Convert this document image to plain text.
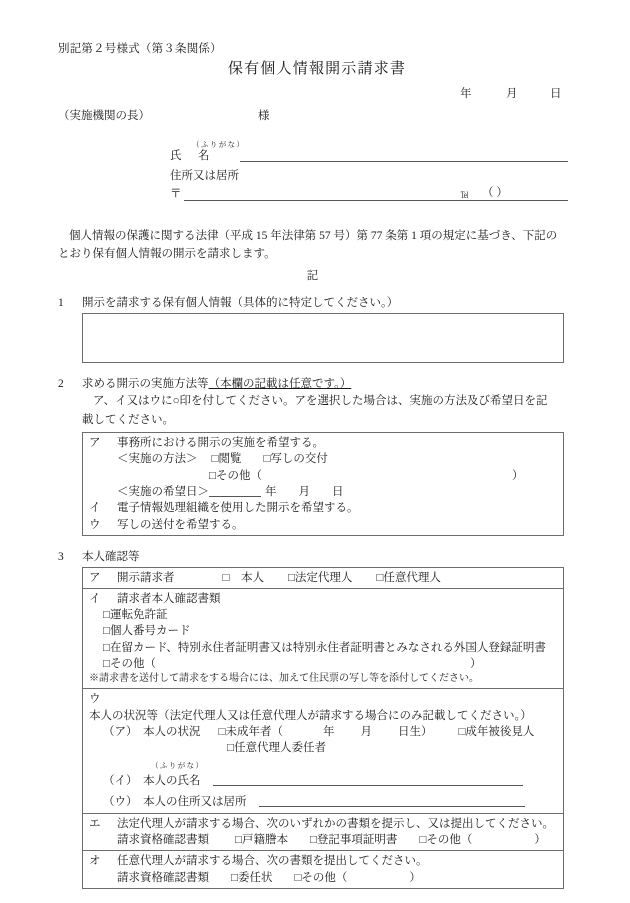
別記第２号様式（第３条関係）
保有個人情報開示請求書
年	月	日
（実施機関の長）	様
（ふりがな）
氏	名
住所又は居所
〒	Tel （ ）
個人情報の保護に関する法律（平成 15 年法律第 57 号）第 77 条第 1 項の規定に基づき、下記の
とおり保有個人情報の開示を請求します。
記
1	開示を請求する保有個人情報（具体的に特定してください。）
2	求める開示の実施方法等（本欄の記載は任意です。）
ア、イ又はウに○印を付してください。アを選択した場合は、実施の方法及び希望日を記
載してください。
ア 事務所における開示の実施を希望する。
＜実施の方法＞ □閲覧 □写しの交付
□その他（	）
＜実施の希望日＞	年 月 日
イ 電子情報処理組織を使用した開示を希望する。
ウ 写しの送付を希望する。
3	本人確認等
ア 開示請求者	□　本人 □法定代理人 □任意代理人
イ 請求者本人確認書類
□運転免許証
□個人番号カード
□在留カード、特別永住者証明書又は特別永住者証明書とみなされる外国人登録証明書
□その他（	）
※請求書を送付して請求をする場合には、加えて住民票の写し等を添付してください。
ウ本人の状況等（法定代理人又は任意代理人が請求する場合にのみ記載してください。）
（ア） 本人の状況 □未成年者（	年 月 日生） □成年被後見人
□任意代理人委任者
（ふりがな）
（イ） 本人の氏名
（ウ） 本人の住所又は居所
エ 法定代理人が請求する場合、次のいずれかの書類を提示し、又は提出してください。
請求資格確認書類 □戸籍謄本 □登記事項証明書 □その他（	）
オ 任意代理人が請求する場合、次の書類を提出してください。
請求資格確認書類 □委任状 □その他（	）
